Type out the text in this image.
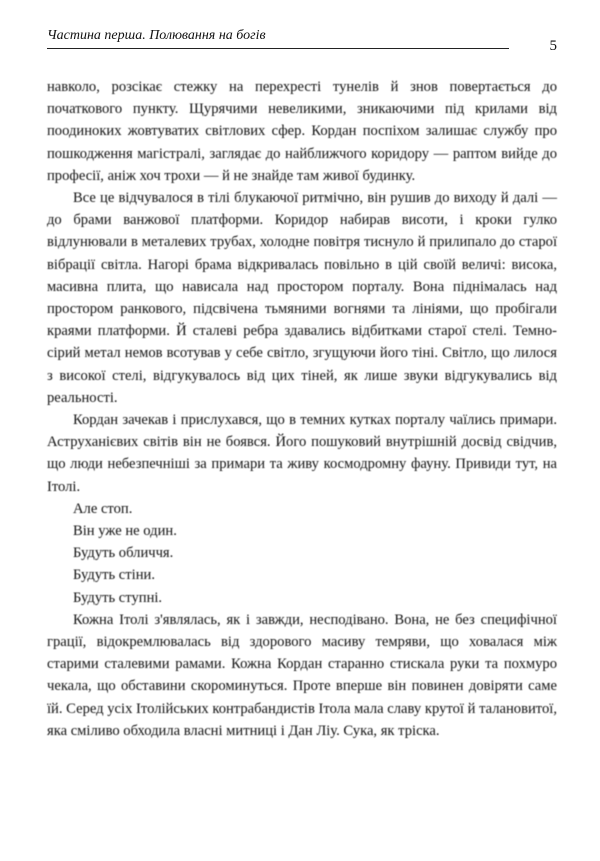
Частина перша. Полювання на богів
5

навколо, розсікає стежку на перехресті тунелів й знов повертається до початкового пункту. Щурячими невеликими, зникаючими під крилами від поодиноких жовтуватих світлових сфер. Кордан поспіхом залишає службу про пошкодження магістралі, заглядає до найближчого коридору — раптом вийде до професії, аніж хоч трохи — й не знайде там живої будинку.

Все це відчувалося в тілі блукаючої ритмічно, він рушив до виходу й далі — до брами ванжової платформи. Коридор набирав висоти, і кроки гулко відлунювали в металевих трубах, холодне повітря тиснуло й прилипало до старої вібрації світла. Нагорі брама відкривалась повільно в цій своїй величі: висока, масивна плита, що нависала над простором порталу. Вона піднімалась над простором ранкового, підсвічена тьмяними вогнями та лініями, що пробігали краями платформи. Й сталеві ребра здавались відбитками старої стелі. Темно-сірий метал немов всотував у себе світло, згущуючи його тіні. Світло, що лилося з високої стелі, відгукувалось від цих тіней, як лише звуки відгукувались від реальності.

Кордан зачекав і прислухався, що в темних кутках порталу чаїлись примари. Аструханієвих світів він не боявся. Його пошуковий внутрішній досвід свідчив, що люди небезпечніші за примари та живу космодромну фауну. Привиди тут, на Ітолі.

Але стоп.

Він уже не один.

Будуть обличчя.

Будуть стіни.

Будуть ступні.

Кожна Ітолі з'являлась, як і завжди, несподівано. Вона, не без специфічної грації, відокремлювалась від здорового масиву темряви, що ховалася між старими сталевими рамами. Кожна Кордан старанно стискала руки та похмуро чекала, що обставини скороминуться. Проте вперше він повинен довіряти саме їй. Серед усіх Ітолійських контрабандистів Ітола мала славу крутої й талановитої, яка сміливо обходила власні митниці і Дан Ліу. Сука, як тріска.
